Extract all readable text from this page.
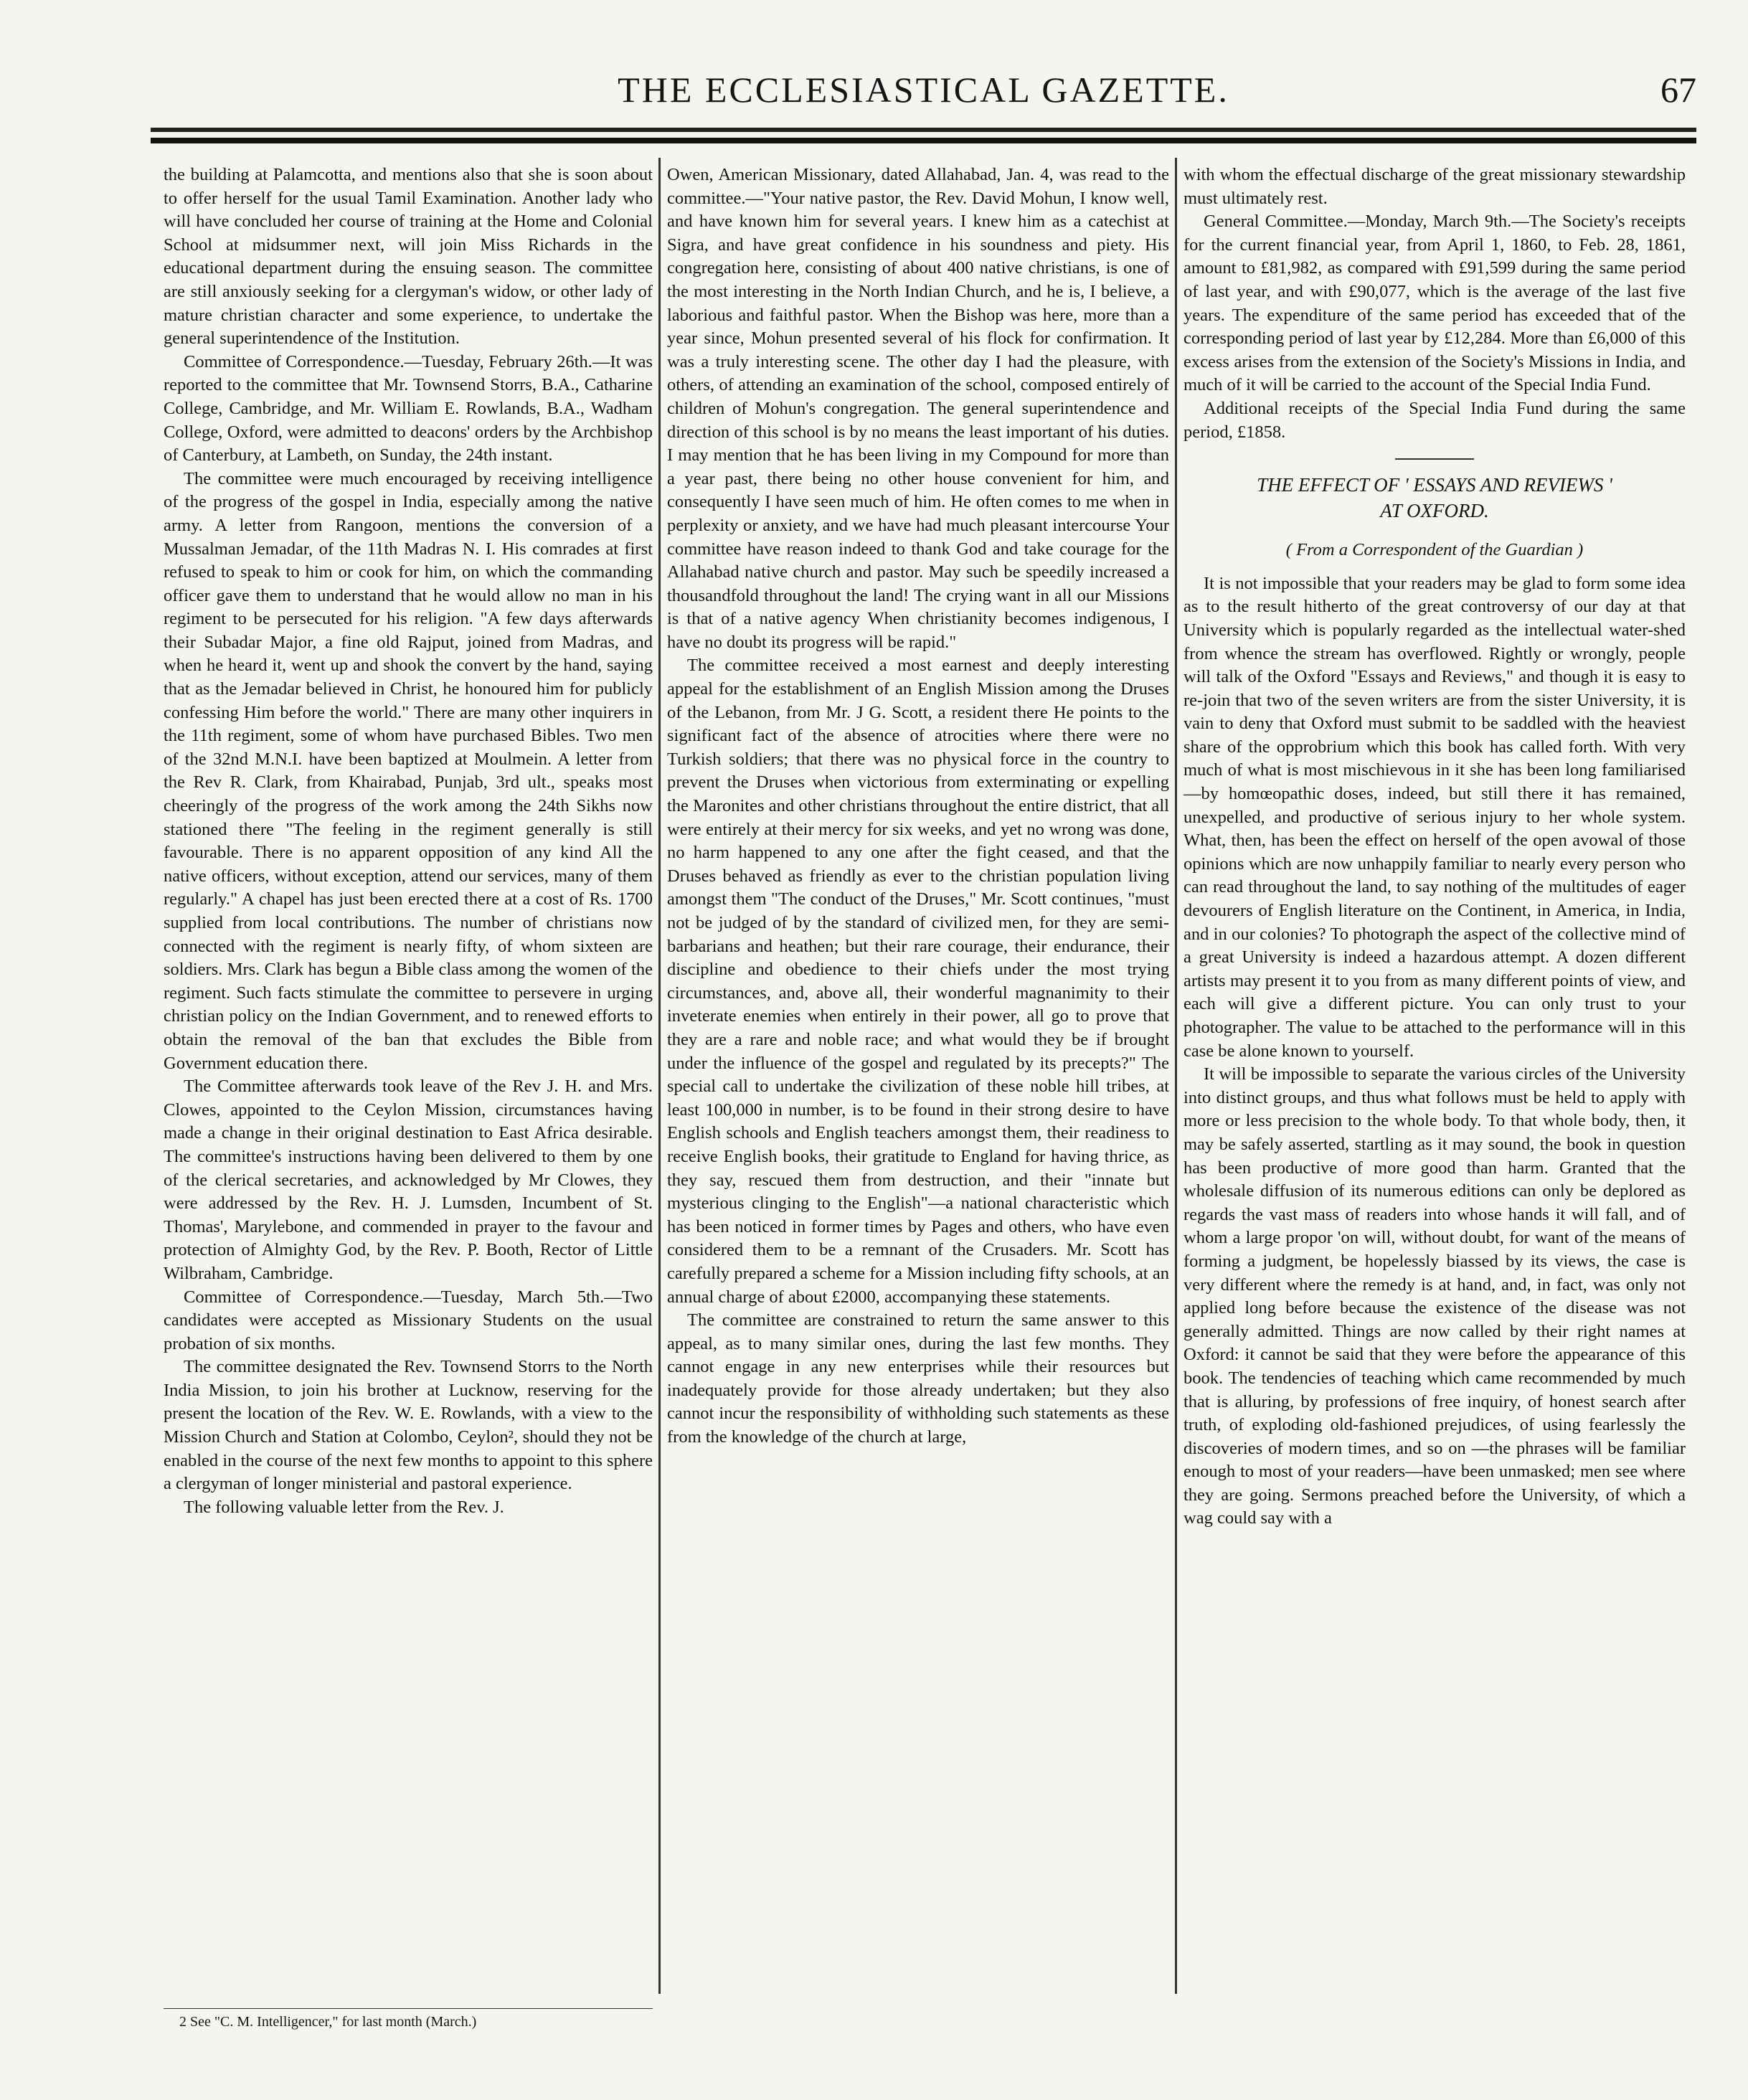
THE ECCLESIASTICAL GAZETTE.	67

the building at Palamcotta, and mentions also that she is soon about to offer herself for the usual Tamil Examination. Another lady who will have concluded her course of training at the Home and Colonial School at midsummer next, will join Miss Richards in the educational department during the ensuing season. The committee are still anxiously seeking for a clergyman's widow, or other lady of mature christian character and some experience, to undertake the general superintendence of the Institution.

Committee of Correspondence.—Tuesday, February 26th.—It was reported to the committee that Mr. Townsend Storrs, B.A., Catharine College, Cambridge, and Mr. William E. Rowlands, B.A., Wadham College, Oxford, were admitted to deacons' orders by the Archbishop of Canterbury, at Lambeth, on Sunday, the 24th instant.

The committee were much encouraged by receiving intelligence of the progress of the gospel in India, especially among the native army. A letter from Rangoon, mentions the conversion of a Mussalman Jemadar, of the 11th Madras N. I. His comrades at first refused to speak to him or cook for him, on which the commanding officer gave them to understand that he would allow no man in his regiment to be persecuted for his religion. "A few days afterwards their Subadar Major, a fine old Rajput, joined from Madras, and when he heard it, went up and shook the convert by the hand, saying that as the Jemadar believed in Christ, he honoured him for publicly confessing Him before the world." There are many other inquirers in the 11th regiment, some of whom have purchased Bibles. Two men of the 32nd M.N.I. have been baptized at Moulmein. A letter from the Rev R. Clark, from Khairabad, Punjab, 3rd ult., speaks most cheeringly of the progress of the work among the 24th Sikhs now stationed there "The feeling in the regiment generally is still favourable. There is no apparent opposition of any kind All the native officers, without exception, attend our services, many of them regularly." A chapel has just been erected there at a cost of Rs. 1700 supplied from local contributions. The number of christians now connected with the regiment is nearly fifty, of whom sixteen are soldiers. Mrs. Clark has begun a Bible class among the women of the regiment. Such facts stimulate the committee to persevere in urging christian policy on the Indian Government, and to renewed efforts to obtain the removal of the ban that excludes the Bible from Government education there.

The Committee afterwards took leave of the Rev J. H. and Mrs. Clowes, appointed to the Ceylon Mission, circumstances having made a change in their original destination to East Africa desirable. The committee's instructions having been delivered to them by one of the clerical secretaries, and acknowledged by Mr Clowes, they were addressed by the Rev. H. J. Lumsden, Incumbent of St. Thomas', Marylebone, and commended in prayer to the favour and protection of Almighty God, by the Rev. P. Booth, Rector of Little Wilbraham, Cambridge.

Committee of Correspondence.—Tuesday, March 5th.—Two candidates were accepted as Missionary Students on the usual probation of six months.

The committee designated the Rev. Townsend Storrs to the North India Mission, to join his brother at Lucknow, reserving for the present the location of the Rev. W. E. Rowlands, with a view to the Mission Church and Station at Colombo, Ceylon², should they not be enabled in the course of the next few months to appoint to this sphere a clergyman of longer ministerial and pastoral experience.

The following valuable letter from the Rev. J.

2 See "C. M. Intelligencer," for last month (March.)

Owen, American Missionary, dated Allahabad, Jan. 4, was read to the committee.—"Your native pastor, the Rev. David Mohun, I know well, and have known him for several years. I knew him as a catechist at Sigra, and have great confidence in his soundness and piety. His congregation here, consisting of about 400 native christians, is one of the most interesting in the North Indian Church, and he is, I believe, a laborious and faithful pastor. When the Bishop was here, more than a year since, Mohun presented several of his flock for confirmation. It was a truly interesting scene. The other day I had the pleasure, with others, of attending an examination of the school, composed entirely of children of Mohun's congregation. The general superintendence and direction of this school is by no means the least important of his duties. I may mention that he has been living in my Compound for more than a year past, there being no other house convenient for him, and consequently I have seen much of him. He often comes to me when in perplexity or anxiety, and we have had much pleasant intercourse Your committee have reason indeed to thank God and take courage for the Allahabad native church and pastor. May such be speedily increased a thousandfold throughout the land! The crying want in all our Missions is that of a native agency When christianity becomes indigenous, I have no doubt its progress will be rapid."

The committee received a most earnest and deeply interesting appeal for the establishment of an English Mission among the Druses of the Lebanon, from Mr. J G. Scott, a resident there He points to the significant fact of the absence of atrocities where there were no Turkish soldiers; that there was no physical force in the country to prevent the Druses when victorious from exterminating or expelling the Maronites and other christians throughout the entire district, that all were entirely at their mercy for six weeks, and yet no wrong was done, no harm happened to any one after the fight ceased, and that the Druses behaved as friendly as ever to the christian population living amongst them "The conduct of the Druses," Mr. Scott continues, "must not be judged of by the standard of civilized men, for they are semi-barbarians and heathen; but their rare courage, their endurance, their discipline and obedience to their chiefs under the most trying circumstances, and, above all, their wonderful magnanimity to their inveterate enemies when entirely in their power, all go to prove that they are a rare and noble race; and what would they be if brought under the influence of the gospel and regulated by its precepts?" The special call to undertake the civilization of these noble hill tribes, at least 100,000 in number, is to be found in their strong desire to have English schools and English teachers amongst them, their readiness to receive English books, their gratitude to England for having thrice, as they say, rescued them from destruction, and their "innate but mysterious clinging to the English"—a national characteristic which has been noticed in former times by Pages and others, who have even considered them to be a remnant of the Crusaders. Mr. Scott has carefully prepared a scheme for a Mission including fifty schools, at an annual charge of about £2000, accompanying these statements.

The committee are constrained to return the same answer to this appeal, as to many similar ones, during the last few months. They cannot engage in any new enterprises while their resources but inadequately provide for those already undertaken; but they also cannot incur the responsibility of withholding such statements as these from the knowledge of the church at large,

with whom the effectual discharge of the great missionary stewardship must ultimately rest.

General Committee.—Monday, March 9th.—The Society's receipts for the current financial year, from April 1, 1860, to Feb. 28, 1861, amount to £81,982, as compared with £91,599 during the same period of last year, and with £90,077, which is the average of the last five years. The expenditure of the same period has exceeded that of the corresponding period of last year by £12,284. More than £6,000 of this excess arises from the extension of the Society's Missions in India, and much of it will be carried to the account of the Special India Fund.

Additional receipts of the Special India Fund during the same period, £1858.

THE EFFECT OF ' ESSAYS AND REVIEWS '
AT OXFORD.
( From a Correspondent of the Guardian )

It is not impossible that your readers may be glad to form some idea as to the result hitherto of the great controversy of our day at that University which is popularly regarded as the intellectual water-shed from whence the stream has overflowed. Rightly or wrongly, people will talk of the Oxford "Essays and Reviews," and though it is easy to re-join that two of the seven writers are from the sister University, it is vain to deny that Oxford must submit to be saddled with the heaviest share of the opprobrium which this book has called forth. With very much of what is most mischievous in it she has been long familiarised—by homœopathic doses, indeed, but still there it has remained, unexpelled, and productive of serious injury to her whole system. What, then, has been the effect on herself of the open avowal of those opinions which are now unhappily familiar to nearly every person who can read throughout the land, to say nothing of the multitudes of eager devourers of English literature on the Continent, in America, in India, and in our colonies? To photograph the aspect of the collective mind of a great University is indeed a hazardous attempt. A dozen different artists may present it to you from as many different points of view, and each will give a different picture. You can only trust to your photographer. The value to be attached to the performance will in this case be alone known to yourself.

It will be impossible to separate the various circles of the University into distinct groups, and thus what follows must be held to apply with more or less precision to the whole body. To that whole body, then, it may be safely asserted, startling as it may sound, the book in question has been productive of more good than harm. Granted that the wholesale diffusion of its numerous editions can only be deplored as regards the vast mass of readers into whose hands it will fall, and of whom a large propor 'on will, without doubt, for want of the means of forming a judgment, be hopelessly biassed by its views, the case is very different where the remedy is at hand, and, in fact, was only not applied long before because the existence of the disease was not generally admitted. Things are now called by their right names at Oxford: it cannot be said that they were before the appearance of this book. The tendencies of teaching which came recommended by much that is alluring, by professions of free inquiry, of honest search after truth, of exploding old-fashioned prejudices, of using fearlessly the discoveries of modern times, and so on —the phrases will be familiar enough to most of your readers—have been unmasked; men see where they are going. Sermons preached before the University, of which a wag could say with a
